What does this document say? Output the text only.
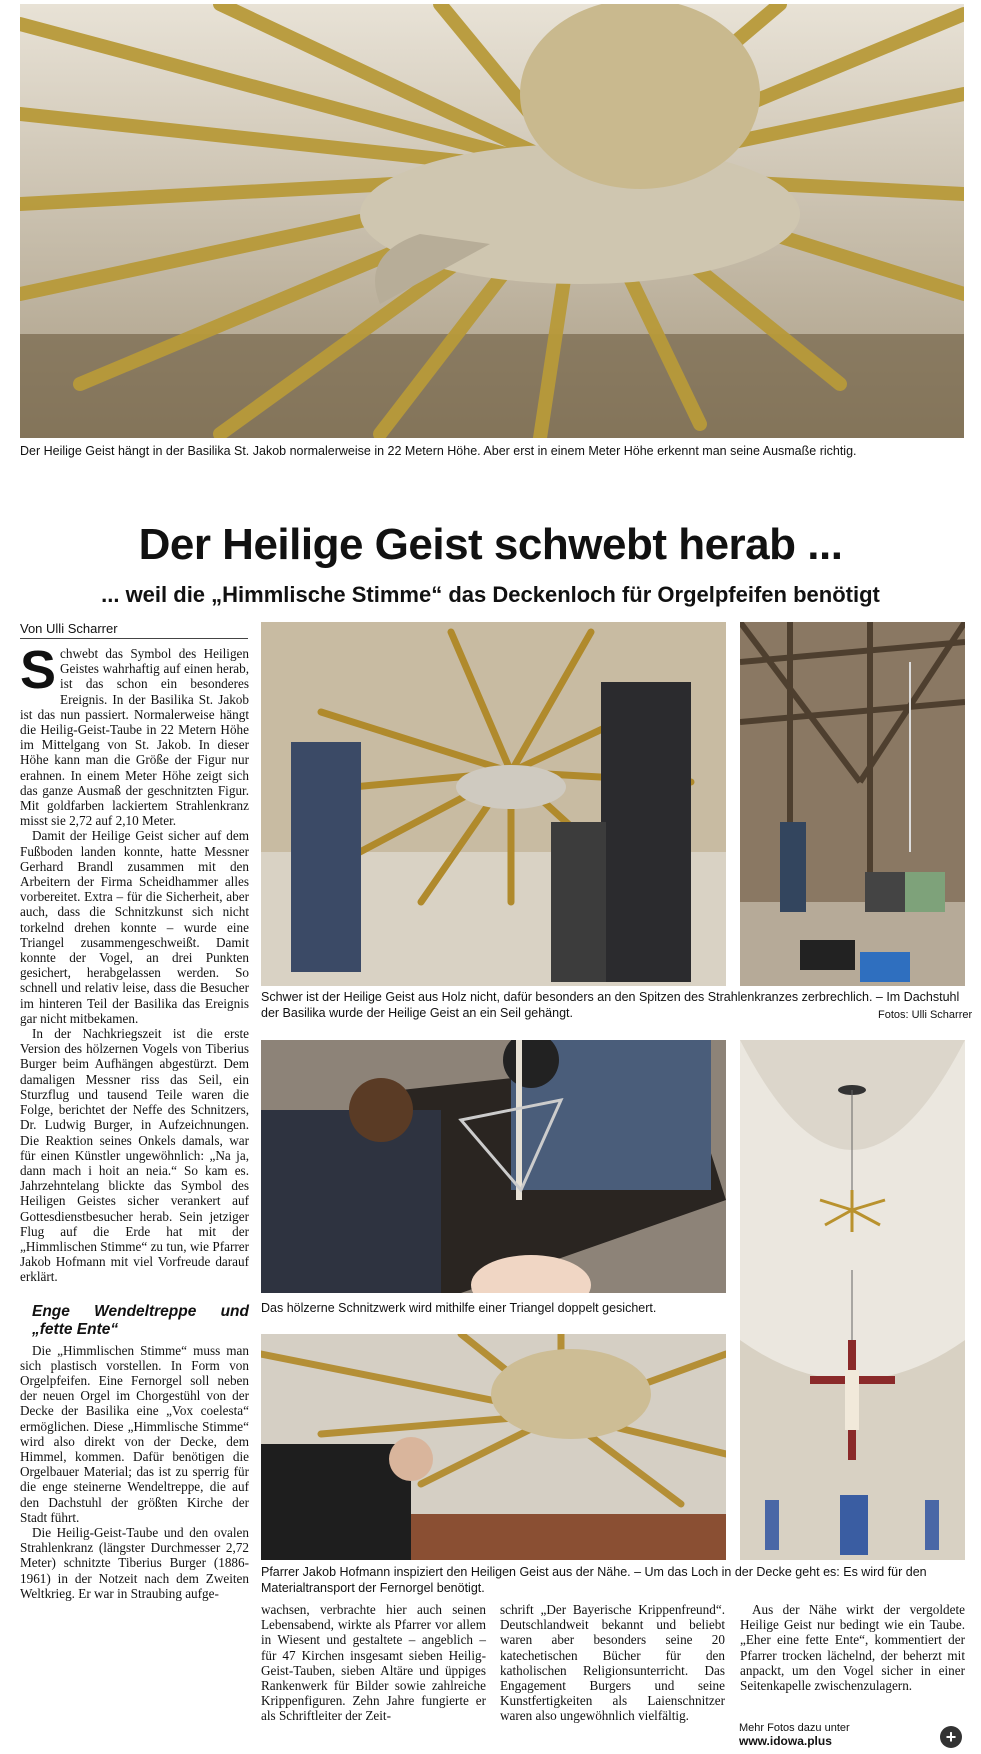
Der Heilige Geist hängt in der Basilika St. Jakob normalerweise in 22 Metern Höhe. Aber erst in einem Meter Höhe erkennt man seine Ausmaße richtig.
Der Heilige Geist schwebt herab ...
... weil die „Himmlische Stimme“ das Deckenloch für Orgelpfeifen benötigt
Von Ulli Scharrer

Schwebt das Symbol des Heiligen Geistes wahrhaftig auf einen herab, ist das schon ein besonderes Ereignis. In der Basilika St. Jakob ist das nun passiert. Normalerweise hängt die Heilig-Geist-Taube in 22 Metern Höhe im Mittelgang von St. Jakob. In dieser Höhe kann man die Größe der Figur nur erahnen. In einem Meter Höhe zeigt sich das ganze Ausmaß der geschnitzten Figur. Mit goldfarben lackiertem Strahlenkranz misst sie 2,72 auf 2,10 Meter.

Damit der Heilige Geist sicher auf dem Fußboden landen konnte, hatte Messner Gerhard Brandl zusammen mit den Arbeitern der Firma Scheidhammer alles vorbereitet. Extra – für die Sicherheit, aber auch, dass die Schnitzkunst sich nicht torkelnd drehen konnte – wurde eine Triangel zusammengeschweißt. Damit konnte der Vogel, an drei Punkten gesichert, herabgelassen werden. So schnell und relativ leise, dass die Besucher im hinteren Teil der Basilika das Ereignis gar nicht mitbekamen.

In der Nachkriegszeit ist die erste Version des hölzernen Vogels von Tiberius Burger beim Aufhängen abgestürzt. Dem damaligen Messner riss das Seil, ein Sturzflug und tausend Teile waren die Folge, berichtet der Neffe des Schnitzers, Dr. Ludwig Burger, in Aufzeichnungen. Die Reaktion seines Onkels damals, war für einen Künstler ungewöhnlich: „Na ja, dann mach i hoit an neia.“ So kam es. Jahrzehntelang blickte das Symbol des Heiligen Geistes sicher verankert auf Gottesdienstbesucher herab. Sein jetziger Flug auf die Erde hat mit der „Himmlischen Stimme“ zu tun, wie Pfarrer Jakob Hofmann mit viel Vorfreude darauf erklärt.

Enge Wendeltreppe und „fette Ente“

Die „Himmlischen Stimme“ muss man sich plastisch vorstellen. In Form von Orgelpfeifen. Eine Fernorgel soll neben der neuen Orgel im Chorgestühl von der Decke der Basilika eine „Vox coelesta“ ermöglichen. Diese „Himmlische Stimme“ wird also direkt von der Decke, dem Himmel, kommen. Dafür benötigen die Orgelbauer Material; das ist zu sperrig für die enge steinerne Wendeltreppe, die auf den Dachstuhl der größten Kirche der Stadt führt.

Die Heilig-Geist-Taube und den ovalen Strahlenkranz (längster Durchmesser 2,72 Meter) schnitzte Tiberius Burger (1886-1961) in der Notzeit nach dem Zweiten Weltkrieg. Er war in Straubing aufge-

Schwer ist der Heilige Geist aus Holz nicht, dafür besonders an den Spitzen des Strahlenkranzes zerbrechlich. – Im Dachstuhl der Basilika wurde der Heilige Geist an ein Seil gehängt.	Fotos: Ulli Scharrer
Das hölzerne Schnitzwerk wird mithilfe einer Triangel doppelt gesichert.
Pfarrer Jakob Hofmann inspiziert den Heiligen Geist aus der Nähe. – Um das Loch in der Decke geht es: Es wird für den Materialtransport der Fernorgel benötigt.

wachsen, verbrachte hier auch seinen Lebensabend, wirkte als Pfarrer vor allem in Wiesent und gestaltete – angeblich – für 47 Kirchen insgesamt sieben Heilig-Geist-Tauben, sieben Altäre und üppiges Rankenwerk für Bilder sowie zahlreiche Krippenfiguren. Zehn Jahre fungierte er als Schriftleiter der Zeit-

schrift „Der Bayerische Krippenfreund“. Deutschlandweit bekannt und beliebt waren aber besonders seine 20 katechetischen Bücher für den katholischen Religionsunterricht. Das Engagement Burgers und seine Kunstfertigkeiten als Laienschnitzer waren also ungewöhnlich vielfältig.

Aus der Nähe wirkt der vergoldete Heilige Geist nur bedingt wie ein Taube. „Eher eine fette Ente“, kommentiert der Pfarrer trocken lächelnd, der beherzt mit anpackt, um den Vogel sicher in einer Seitenkapelle zwischenzulagern.

Mehr Fotos dazu unter
www.idowa.plus	+
